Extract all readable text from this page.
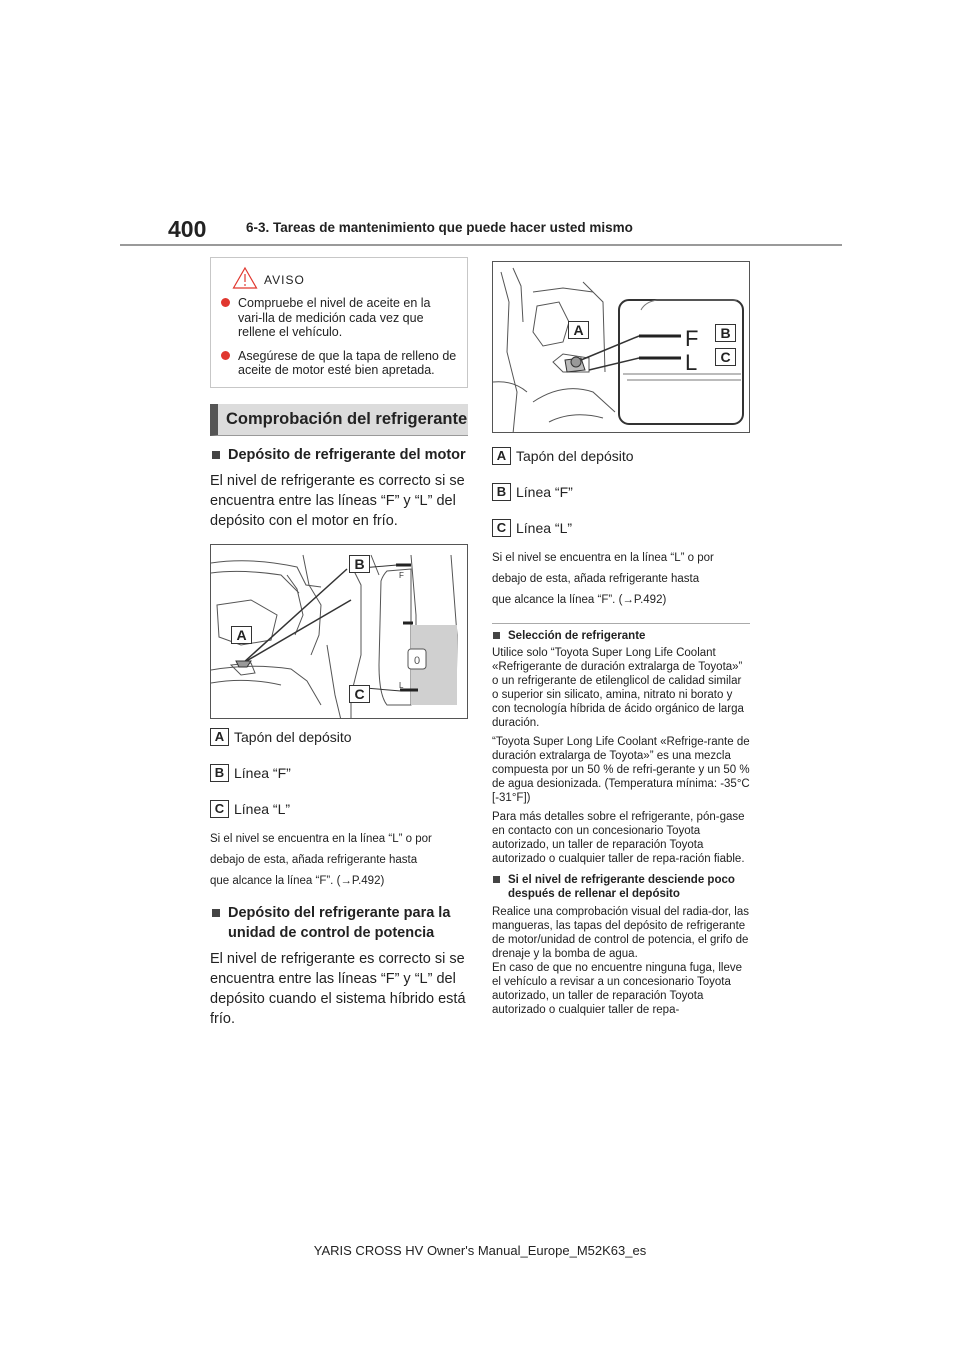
400	6-3. Tareas de mantenimiento que puede hacer usted mismo
AVISO
Compruebe el nivel de aceite en la vari-lla de medición cada vez que rellene el vehículo.
Asegúrese de que la tapa de relleno de aceite de motor esté bien apretada.
Comprobación del refrigerante
Depósito de refrigerante del motor
El nivel de refrigerante es correcto si se encuentra entre las líneas “F” y “L” del depósito con el motor en frío.
0
F
L
A
B
C
A Tapón del depósito
B Línea “F”
C Línea “L”
Si el nivel se encuentra en la línea “L” o por
debajo de esta, añada refrigerante hasta
que alcance la línea “F”. (→P.492)
Depósito del refrigerante para la unidad de control de potencia
El nivel de refrigerante es correcto si se encuentra entre las líneas “F” y “L” del depósito cuando el sistema híbrido está frío.
F
L
A	B
C
A Tapón del depósito
B Línea “F”
C Línea “L”
Si el nivel se encuentra en la línea “L” o por
debajo de esta, añada refrigerante hasta
que alcance la línea “F”. (→P.492)
Selección de refrigerante
Utilice solo “Toyota Super Long Life Coolant «Refrigerante de duración extralarga de Toyota»” o un refrigerante de etilenglicol de calidad similar o superior sin silicato, amina, nitrato ni borato y con tecnología híbrida de ácido orgánico de larga duración.
“Toyota Super Long Life Coolant «Refrige-rante de duración extralarga de Toyota»” es una mezcla compuesta por un 50 % de refri-gerante y un 50 % de agua desionizada. (Temperatura mínima: -35°C [-31°F])
Para más detalles sobre el refrigerante, pón-gase en contacto con un concesionario Toyota autorizado, un taller de reparación Toyota autorizado o cualquier taller de repa-ración fiable.
Si el nivel de refrigerante desciende poco después de rellenar el depósito
Realice una comprobación visual del radia-dor, las mangueras, las tapas del depósito de refrigerante de motor/unidad de control de potencia, el grifo de drenaje y la bomba de agua.
En caso de que no encuentre ninguna fuga, lleve el vehículo a revisar a un concesionario Toyota autorizado, un taller de reparación Toyota autorizado o cualquier taller de repa-
YARIS CROSS HV Owner's Manual_Europe_M52K63_es
